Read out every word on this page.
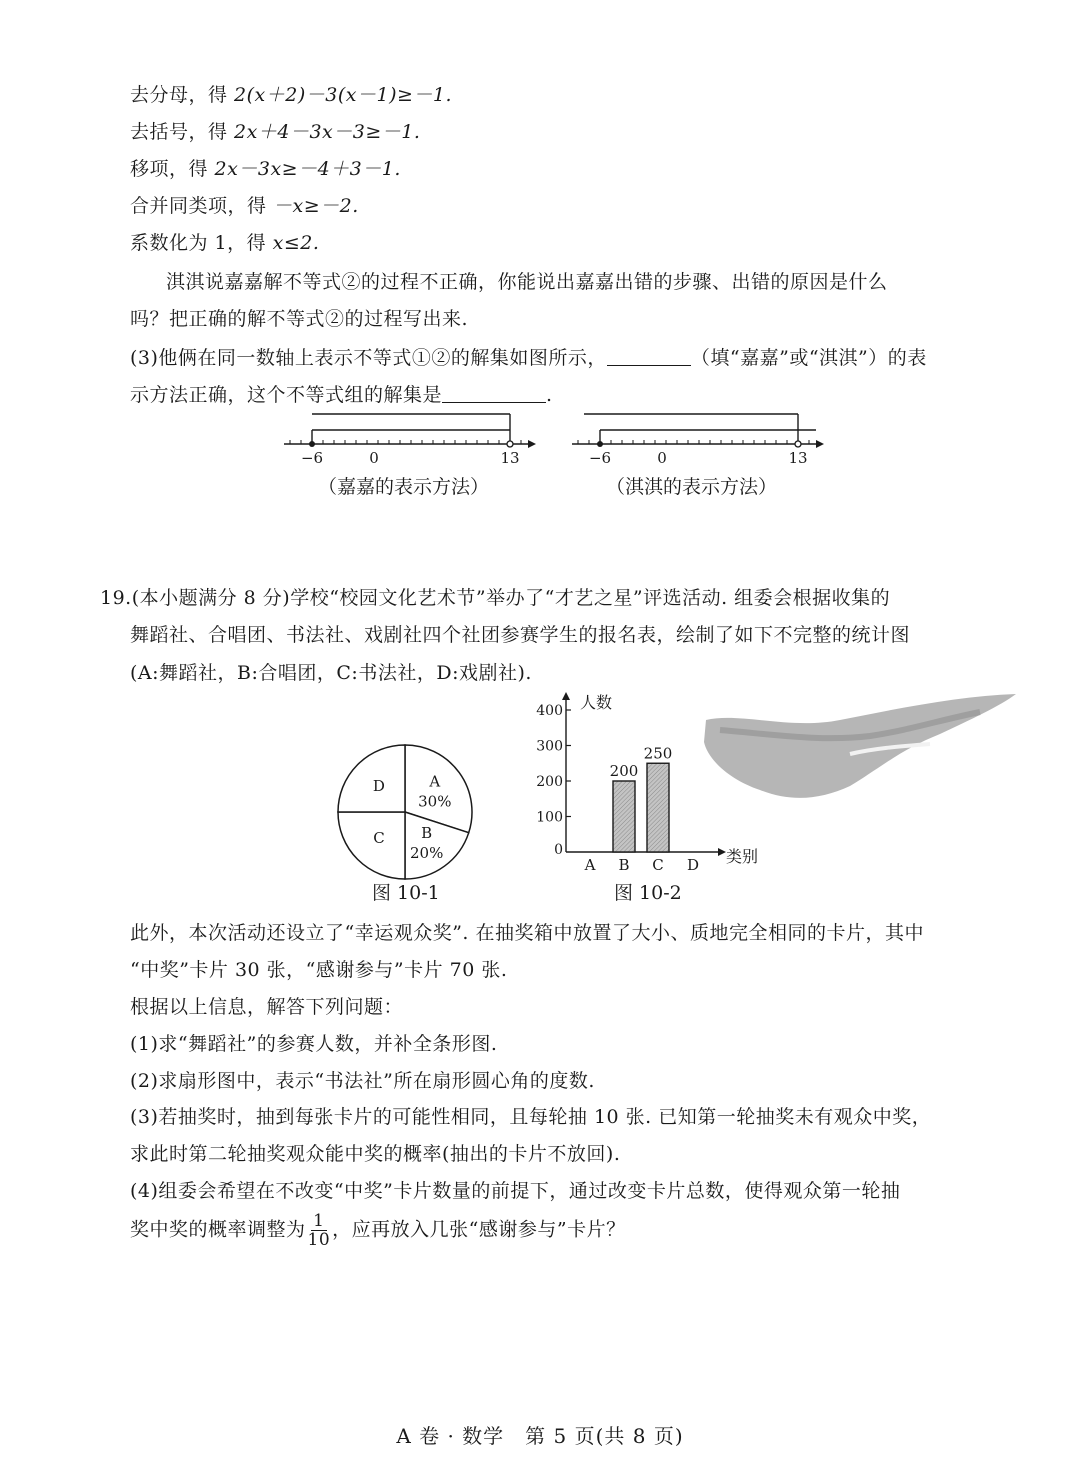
去分母，得 2(x＋2)－3(x－1)≥－1.
去括号，得 2x＋4－3x－3≥－1.
移项，得 2x－3x≥－4＋3－1.
合并同类项，得 －x≥－2.
系数化为 1，得 x≤2.
淇淇说嘉嘉解不等式②的过程不正确，你能说出嘉嘉出错的步骤、出错的原因是什么
吗？把正确的解不等式②的过程写出来.
(3)他俩在同一数轴上表示不等式①②的解集如图所示，	（填“嘉嘉”或“淇淇”）的表
示方法正确，这个不等式组的解集是	.
−6	0	13
（嘉嘉的表示方法）
−6	0	13
（淇淇的表示方法）
19.(本小题满分 8 分)学校“校园文化艺术节”举办了“才艺之星”评选活动. 组委会根据收集的
舞蹈社、合唱团、书法社、戏剧社四个社团参赛学生的报名表，绘制了如下不完整的统计图
(A:舞蹈社，B:合唱团，C:书法社，D:戏剧社).
A 30%
B 20%
C
D
图 10-1
人数
类别
0
100
200
300
400
A B C D
200
250
图 10-2
此外，本次活动还设立了“幸运观众奖”. 在抽奖箱中放置了大小、质地完全相同的卡片，其中
“中奖”卡片 30 张，“感谢参与”卡片 70 张.
根据以上信息，解答下列问题：
(1)求“舞蹈社”的参赛人数，并补全条形图.
(2)求扇形图中，表示“书法社”所在扇形圆心角的度数.
(3)若抽奖时，抽到每张卡片的可能性相同，且每轮抽 10 张. 已知第一轮抽奖未有观众中奖，
求此时第二轮抽奖观众能中奖的概率(抽出的卡片不放回).
(4)组委会希望在不改变“中奖”卡片数量的前提下，通过改变卡片总数，使得观众第一轮抽
奖中奖的概率调整为 $\frac{1}{10}$ ，应再放入几张“感谢参与”卡片？
A 卷 · 数学　第 5 页(共 8 页)
